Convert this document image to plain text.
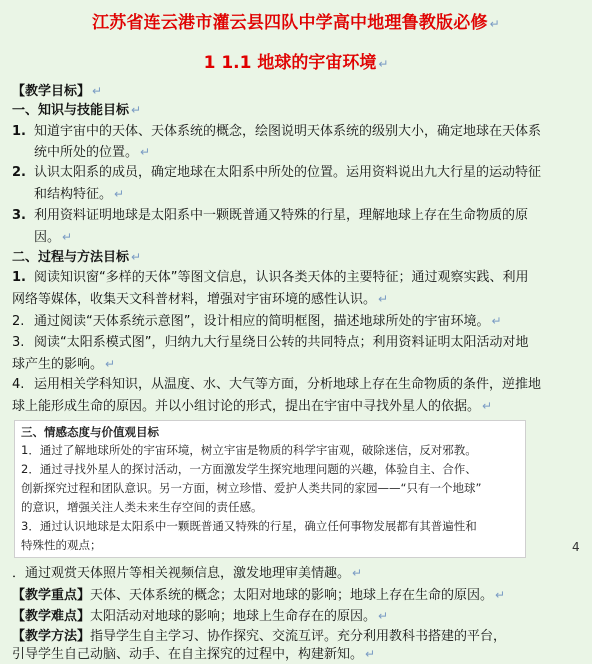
江苏省连云港市灌云县四队中学高中地理鲁教版必修 ↵
1 1.1 地球的宇宙环境 ↵
【教学目标】 ↵
一、知识与技能目标 ↵
1. 知道宇宙中的天体、天体系统的概念，绘图说明天体系统的级别大小，确定地球在天体系
统中所处的位置。 ↵
2. 认识太阳系的成员，确定地球在太阳系中所处的位置。运用资料说出九大行星的运动特征
和结构特征。 ↵
3. 利用资料证明地球是太阳系中一颗既普通又特殊的行星，理解地球上存在生命物质的原
因。 ↵
二、过程与方法目标 ↵
1. 阅读知识窗“多样的天体”等图文信息，认识各类天体的主要特征；通过观察实践、利用
网络等媒体，收集天文科普材料，增强对宇宙环境的感性认识。 ↵
2. 通过阅读“天体系统示意图”，设计相应的简明框图，描述地球所处的宇宙环境。 ↵
3. 阅读“太阳系模式图”，归纳九大行星绕日公转的共同特点；利用资料证明太阳活动对地
球产生的影响。 ↵
4. 运用相关学科知识，从温度、水、大气等方面，分析地球上存在生命物质的条件，逆推地
球上能形成生命的原因。并以小组讨论的形式，提出在宇宙中寻找外星人的依据。 ↵
三、情感态度与价值观目标
1．通过了解地球所处的宇宙环境，树立宇宙是物质的科学宇宙观，破除迷信，反对邪教。
2．通过寻找外星人的探讨活动，一方面激发学生探究地理问题的兴趣，体验自主、合作、
创新探究过程和团队意识。另一方面，树立珍惜、爱护人类共同的家园——“只有一个地球”
的意识，增强关注人类未来生存空间的责任感。
3．通过认识地球是太阳系中一颗既普通又特殊的行星，确立任何事物发展都有其普遍性和
特殊性的观点；	4
．通过观赏天体照片等相关视频信息，激发地理审美情趣。 ↵
【教学重点】天体、天体系统的概念；太阳对地球的影响；地球上存在生命的原因。 ↵
【教学难点】太阳活动对地球的影响；地球上生命存在的原因。 ↵
【教学方法】指导学生自主学习、协作探究、交流互评。充分利用教科书搭建的平台，
引导学生自己动脑、动手、在自主探究的过程中，构建新知。 ↵
